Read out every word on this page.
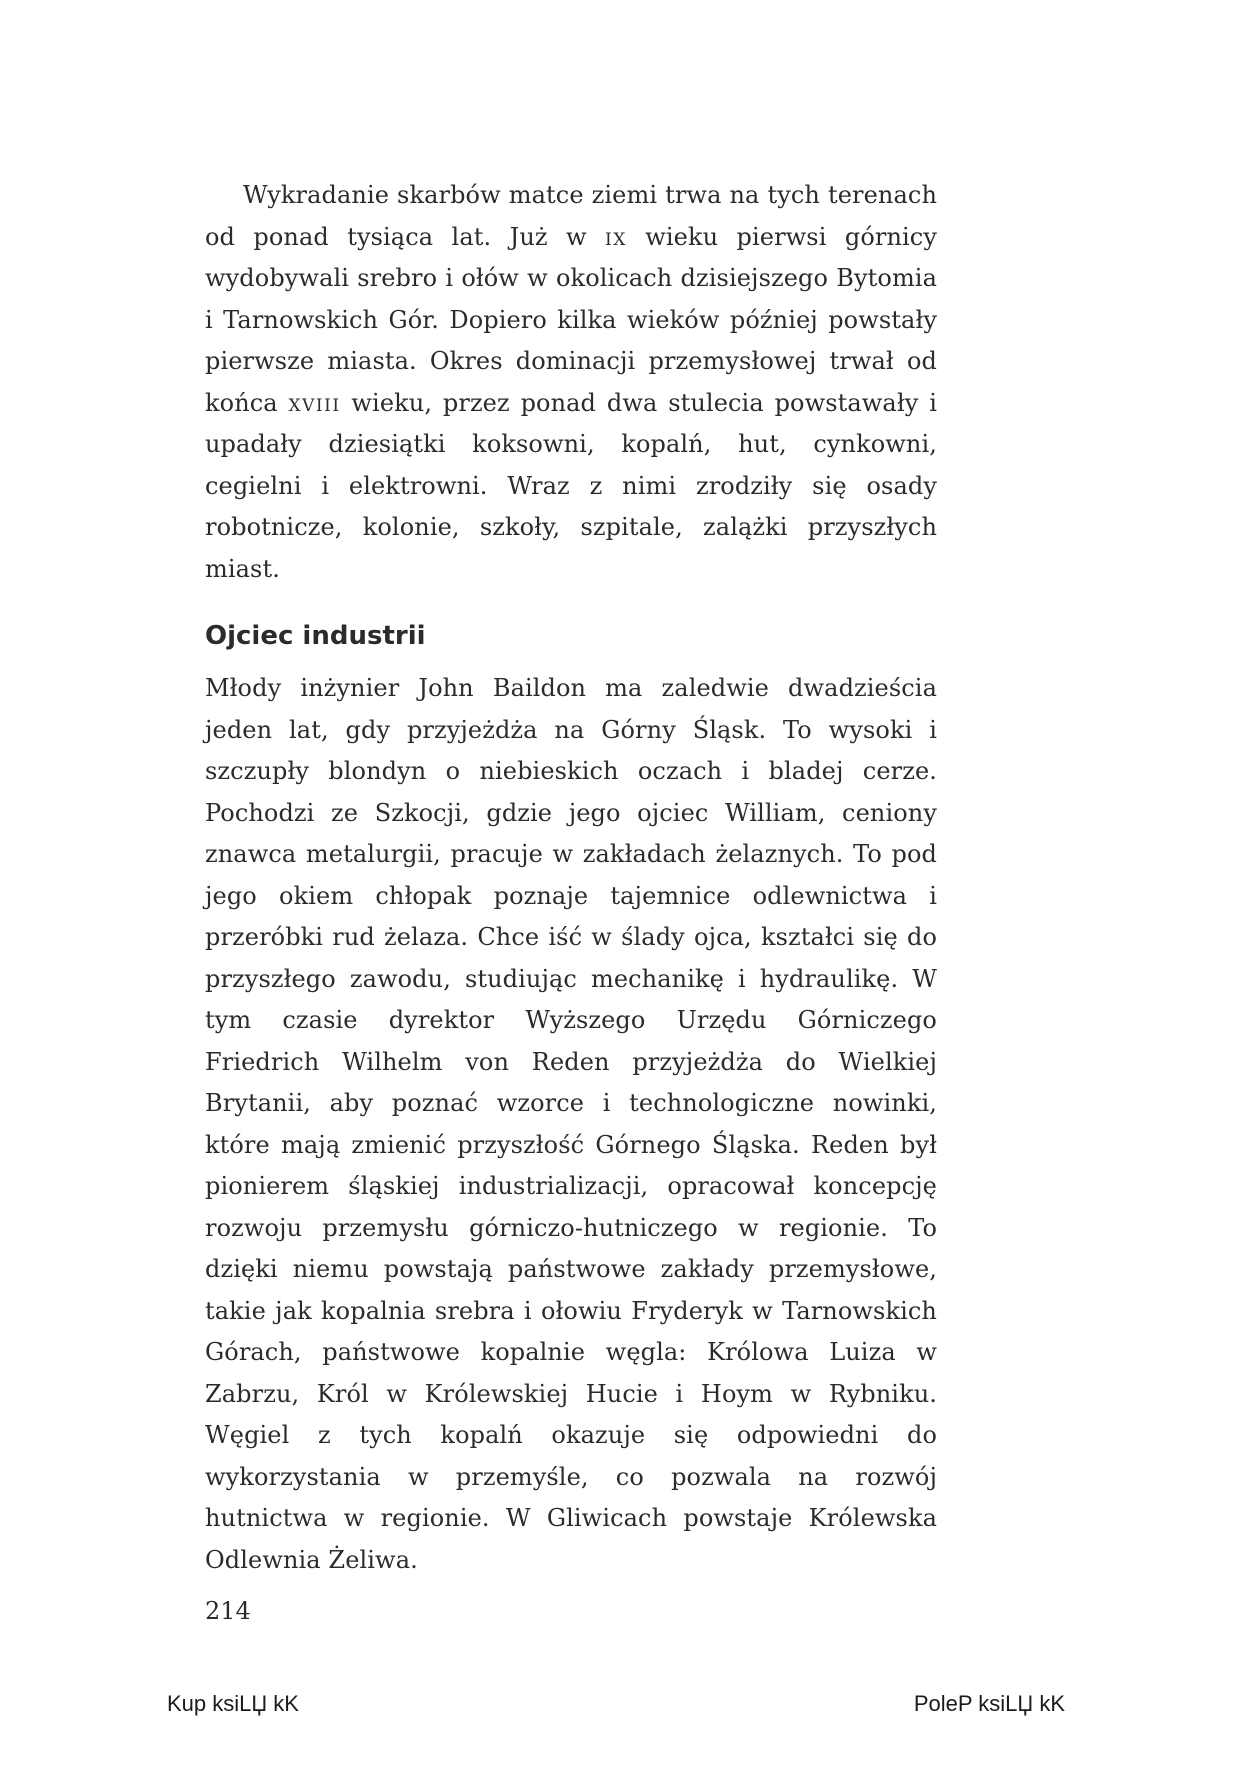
Wykradanie skarbów matce ziemi trwa na tych terenach od ponad tysiąca lat. Już w ix wieku pierwsi górnicy wydobywali srebro i ołów w okolicach dzisiejszego Bytomia i Tarnowskich Gór. Dopiero kilka wieków później powstały pierwsze miasta. Okres dominacji przemysłowej trwał od końca xviii wieku, przez ponad dwa stulecia powstawały i upadały dziesiątki koksowni, kopalń, hut, cynkowni, cegielni i elektrowni. Wraz z nimi zrodziły się osady robotnicze, kolonie, szkoły, szpitale, zalążki przyszłych miast.

Ojciec industrii

Młody inżynier John Baildon ma zaledwie dwadzieścia jeden lat, gdy przyjeżdża na Górny Śląsk. To wysoki i szczupły blondyn o niebieskich oczach i bladej cerze. Pochodzi ze Szkocji, gdzie jego ojciec William, ceniony znawca metalurgii, pracuje w zakładach żelaznych. To pod jego okiem chłopak poznaje tajemnice odlewnictwa i przeróbki rud żelaza. Chce iść w ślady ojca, kształci się do przyszłego zawodu, studiując mechanikę i hydraulikę. W tym czasie dyrektor Wyższego Urzędu Górniczego Friedrich Wilhelm von Reden przyjeżdża do Wielkiej Brytanii, aby poznać wzorce i technologiczne nowinki, które mają zmienić przyszłość Górnego Śląska. Reden był pionierem śląskiej industrializacji, opracował koncepcję rozwoju przemysłu górniczo-hutniczego w regionie. To dzięki niemu powstają państwowe zakłady przemysłowe, takie jak kopalnia srebra i ołowiu Fryderyk w Tarnowskich Górach, państwowe kopalnie węgla: Królowa Luiza w Zabrzu, Król w Królewskiej Hucie i Hoym w Rybniku. Węgiel z tych kopalń okazuje się odpowiedni do wykorzystania w przemyśle, co pozwala na rozwój hutnictwa w regionie. W Gliwicach powstaje Królewska Odlewnia Żeliwa.

214
Kup ksiLЏ kK	PoleP ksiLЏ kK
